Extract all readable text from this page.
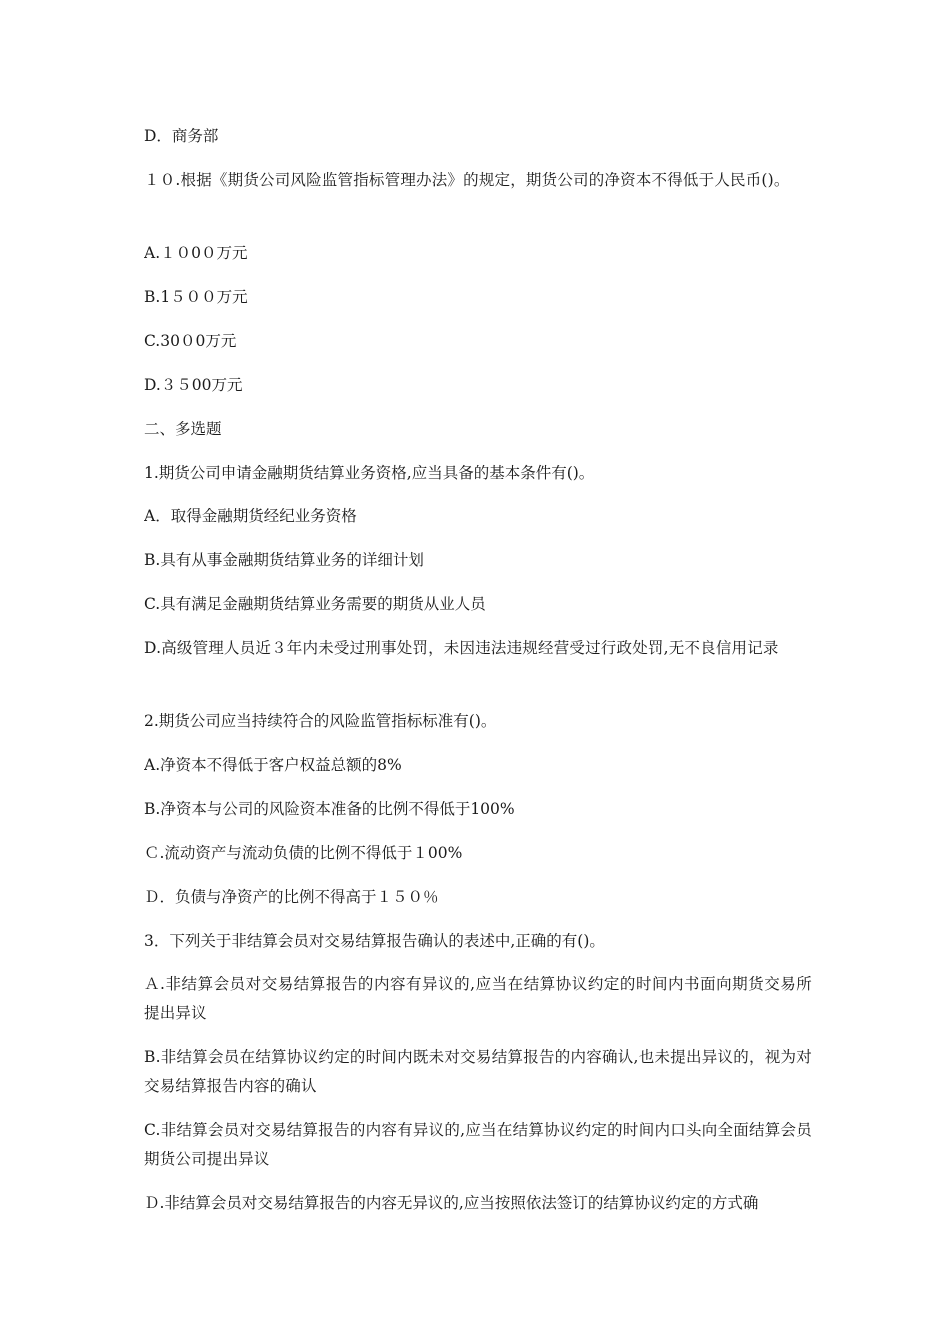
D．商务部

１０.根据《期货公司风险监管指标管理办法》的规定，期货公司的净资本不得低于人民币()。

A.１０0０万元

B.1５００万元

C.30０0万元

D.３５00万元

二、多选题

1.期货公司申请金融期货结算业务资格,应当具备的基本条件有()。

A．取得金融期货经纪业务资格

B.具有从事金融期货结算业务的详细计划

C.具有满足金融期货结算业务需要的期货从业人员

D.高级管理人员近３年内未受过刑事处罚，未因违法违规经营受过行政处罚,无不良信用记录

2.期货公司应当持续符合的风险监管指标标准有()。

A.净资本不得低于客户权益总额的8%

B.净资本与公司的风险资本准备的比例不得低于100%

Ｃ.流动资产与流动负债的比例不得低于１00%

Ｄ．负债与净资产的比例不得高于１５０％

3．下列关于非结算会员对交易结算报告确认的表述中,正确的有()。

Ａ.非结算会员对交易结算报告的内容有异议的,应当在结算协议约定的时间内书面向期货交易所提出异议

B.非结算会员在结算协议约定的时间内既未对交易结算报告的内容确认,也未提出异议的，视为对交易结算报告内容的确认

C.非结算会员对交易结算报告的内容有异议的,应当在结算协议约定的时间内口头向全面结算会员期货公司提出异议

Ｄ.非结算会员对交易结算报告的内容无异议的,应当按照依法签订的结算协议约定的方式确
